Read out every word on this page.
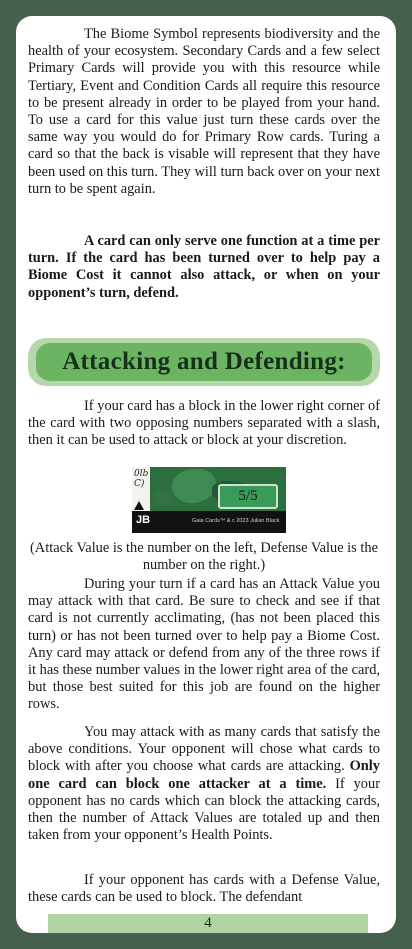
The Biome Symbol represents biodiversity and the health of your ecosystem. Secondary Cards and a few select Primary Cards will provide you with this resource while Tertiary, Event and Condition Cards all require this resource to be present already in order to be played from your hand. To use a card for this value just turn these cards over the same way you would do for Primary Row cards. Turing a card so that the back is visable will represent that they have been used on this turn. They will turn back over on your next turn to be spent again.

A card can only serve one function at a time per turn. If the card has been turned over to help pay a Biome Cost it cannot also attack, or when on your opponent’s turn, defend.

Attacking and Defending:

If your card has a block in the lower right corner of the card with two opposing numbers separated with a slash, then it can be used to attack or block at your discretion.

0lb C)
5/5
JB	Gaia Cards™ & c 2023 Julian Black

(Attack Value is the number on the left, Defense Value is the number on the right.)

During your turn if a card has an Attack Value you may attack with that card. Be sure to check and see if that card is not currently acclimating, (has not been placed this turn) or has not been turned over to help pay a Biome Cost. Any card may attack or defend from any of the three rows if it has these number values in the lower right area of the card, but those best suited for this job are found on the higher rows.

You may attack with as many cards that satisfy the above conditions. Your opponent will chose what cards to block with after you choose what cards are attacking. Only one card can block one attacker at a time. If your opponent has no cards which can block the attacking cards, then the number of Attack Values are totaled up and then taken from your opponent’s Health Points.

If your opponent has cards with a Defense Value, these cards can be used to block. The defendant

4
